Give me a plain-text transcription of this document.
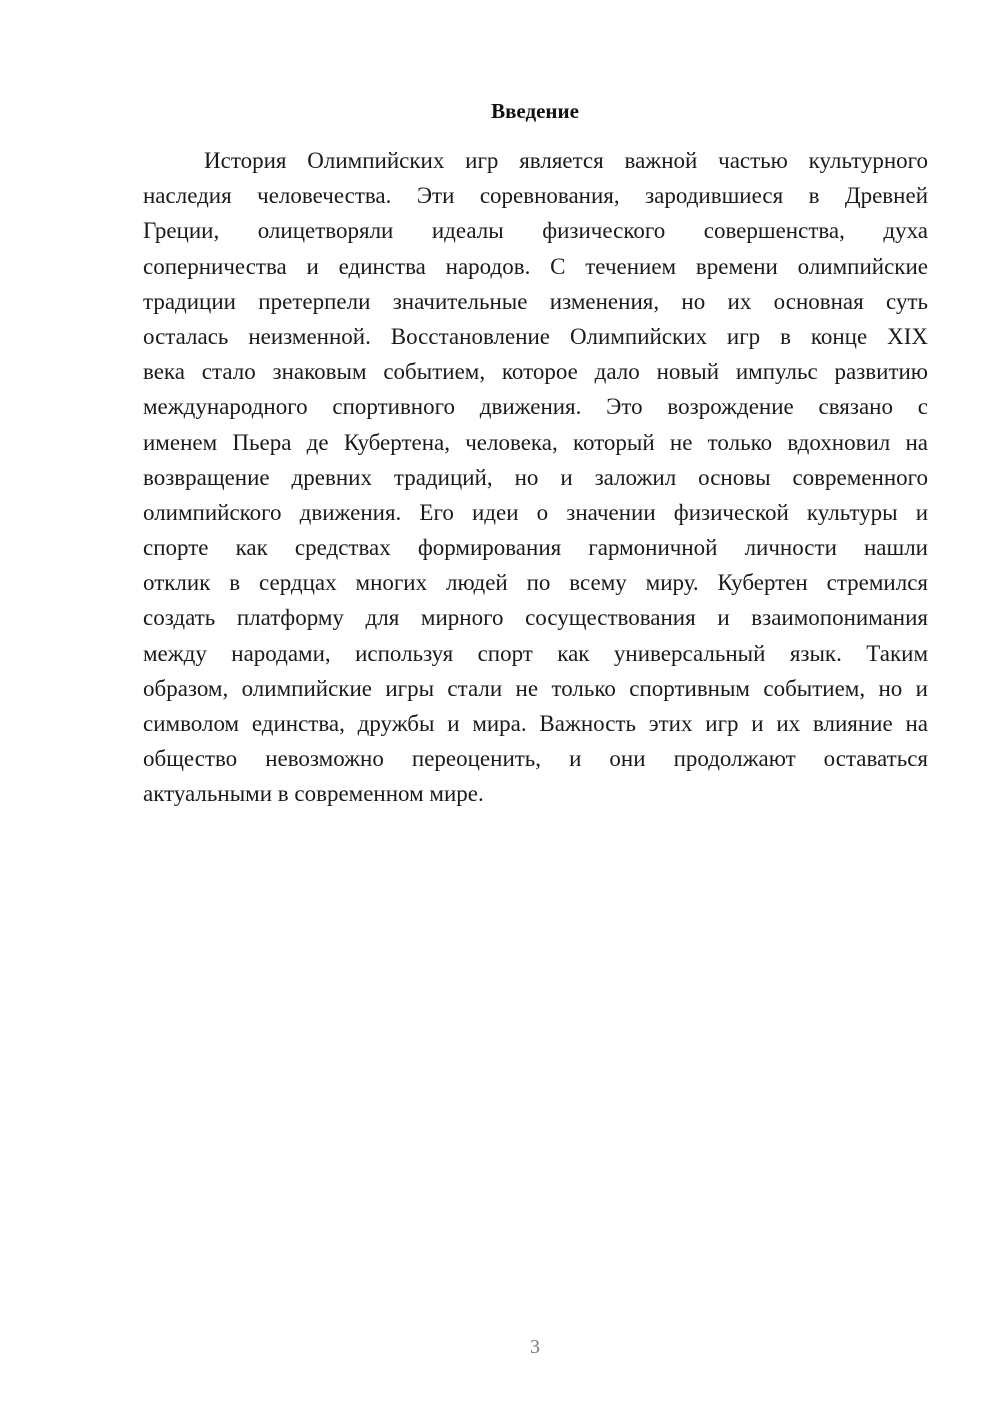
Введение
История Олимпийских игр является важной частью культурного
наследия человечества. Эти соревнования, зародившиеся в Древней
Греции, олицетворяли идеалы физического совершенства, духа
соперничества и единства народов. С течением времени олимпийские
традиции претерпели значительные изменения, но их основная суть
осталась неизменной. Восстановление Олимпийских игр в конце XIX
века стало знаковым событием, которое дало новый импульс развитию
международного спортивного движения. Это возрождение связано с
именем Пьера де Кубертена, человека, который не только вдохновил на
возвращение древних традиций, но и заложил основы современного
олимпийского движения. Его идеи о значении физической культуры и
спорте как средствах формирования гармоничной личности нашли
отклик в сердцах многих людей по всему миру. Кубертен стремился
создать платформу для мирного сосуществования и взаимопонимания
между народами, используя спорт как универсальный язык. Таким
образом, олимпийские игры стали не только спортивным событием, но и
символом единства, дружбы и мира. Важность этих игр и их влияние на
общество невозможно переоценить, и они продолжают оставаться
актуальными в современном мире.
3
